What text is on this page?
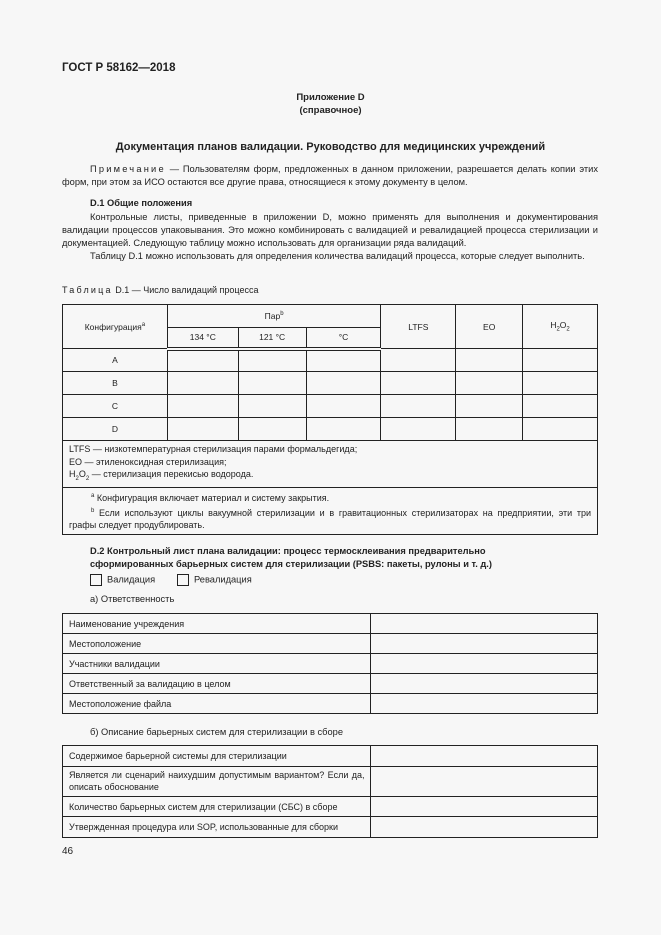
ГОСТ Р 58162—2018
Приложение D
(справочное)
Документация планов валидации. Руководство для медицинских учреждений
Примечание — Пользователям форм, предложенных в данном приложении, разрешается делать копии этих форм, при этом за ИСО остаются все другие права, относящиеся к этому документу в целом.
D.1 Общие положения
Контрольные листы, приведенные в приложении D, можно применять для выполнения и документирования валидации процессов упаковывания. Это можно комбинировать с валидацией и ревалидацией процесса стерилизации и документацией. Следующую таблицу можно использовать для организации ряда валидаций.
Таблицу D.1 можно использовать для определения количества валидаций процесса, которые следует выполнить.
Таблица D.1 — Число валидаций процесса
Конфигурация$^a$	Пар$^b$			LTFS	EO	$H_2O_2$
	134 °C	121 °C	°C			
A						
B						
C						
D						

LTFS — низкотемпературная стерилизация парами формальдегида;
EO — этиленоксидная стерилизация;
$H_2O_2$ — стерилизация перекисью водорода.						

$^a$ Конфигурация включает материал и систему закрытия.
$^b$ Если используют циклы вакуумной стерилизации и в гравитационных стерилизаторах на предприятии, эти три графы следует продублировать.						
D.2 Контрольный лист плана валидации: процесс термосклеивания предварительно
сформированных барьерных систем для стерилизации (PSBS: пакеты, рулоны и т. д.)
Валидация	Ревалидация
а) Ответственность
Наименование учреждения	
Местоположение	
Участники валидации	
Ответственный за валидацию в целом	
Местоположение файла	
б) Описание барьерных систем для стерилизации в сборе
Содержимое барьерной системы для стерилизации	
Является ли сценарий наихудшим допустимым вариантом? Если да, описать обоснование	
Количество барьерных систем для стерилизации (СБС) в сборе	
Утвержденная процедура или SOP, использованные для сборки	
46
